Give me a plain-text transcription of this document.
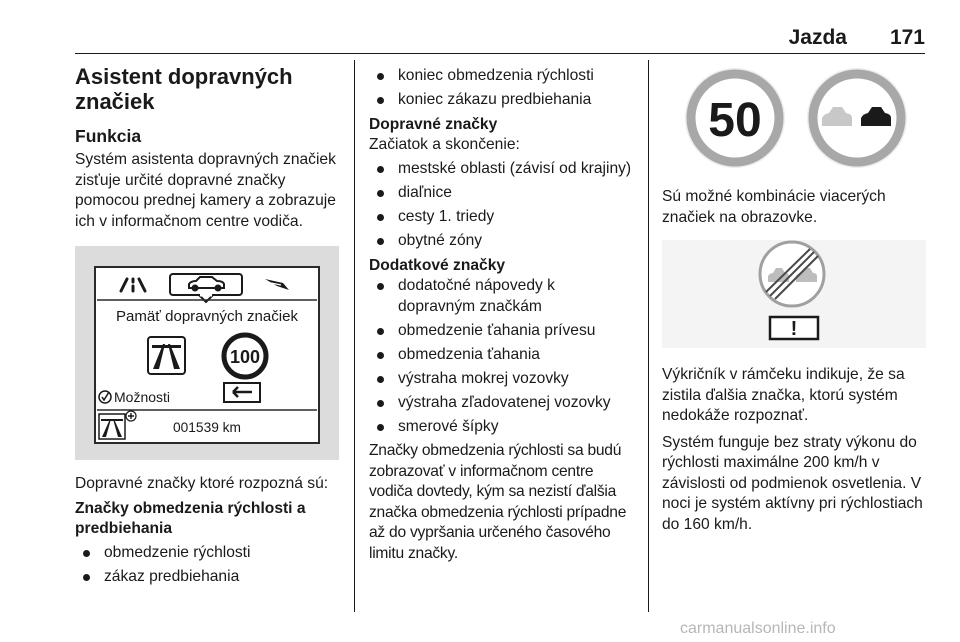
Jazda 171
Asistent dopravných značiek
Funkcia

Systém asistenta dopravných značiek zisťuje určité dopravné značky pomocou prednej kamery a zobrazuje ich v informačnom centre vodiča.

Pamäť dopravných značiek
100
Možnosti
001539 km

Dopravné značky ktoré rozpozná sú:

Značky obmedzenia rýchlosti a predbiehania

obmedzenie rýchlosti
zákaz predbiehania
koniec obmedzenia rýchlosti
koniec zákazu predbiehania

Dopravné značky

Začiatok a skončenie:

mestské oblasti (závisí od krajiny)
diaľnice
cesty 1. triedy
obytné zóny

Dodatkové značky

dodatočné nápovedy k dopravným značkám
obmedzenie ťahania prívesu
obmedzenia ťahania
výstraha mokrej vozovky
výstraha zľadovatenej vozovky
smerové šípky

Značky obmedzenia rýchlosti sa budú zobrazovať v informačnom centre vodiča dovtedy, kým sa nezistí ďalšia značka obmedzenia rýchlosti prípadne až do vypršania určeného časového limitu značky.

50

Sú možné kombinácie viacerých značiek na obrazovke.

!

Výkričník v rámčeku indikuje, že sa zistila ďalšia značka, ktorú systém nedokáže rozpoznať.

Systém funguje bez straty výkonu do rýchlosti maximálne 200 km/h v závislosti od podmienok osvetlenia. V noci je systém aktívny pri rýchlostiach do 160 km/h.

carmanualsonline.info
